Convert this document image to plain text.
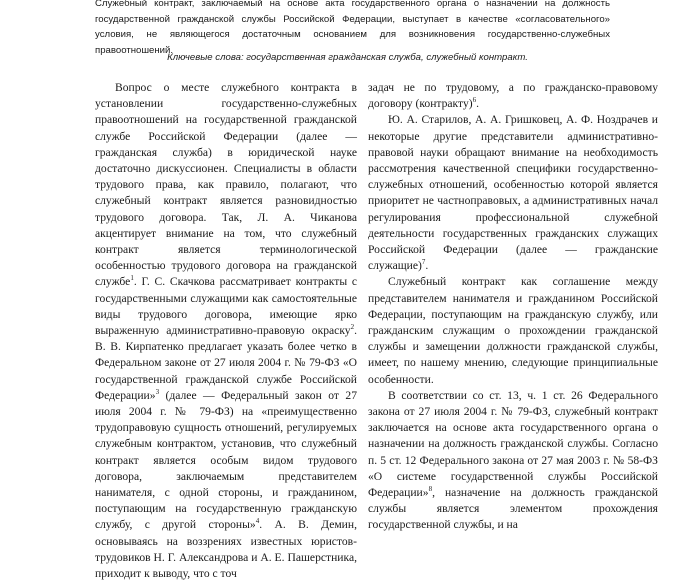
Служебный контракт, заключаемый на основе акта государственного органа о назначении на должность государственной гражданской службы Российской Федерации, выступает в качестве «согласовательного» условия, не являющегося достаточным основанием для возникновения государственно-служебных правоотношений.
Ключевые слова: государственная гражданская служба, служебный контракт.

Вопрос о месте служебного контракта в установлении государственно-служебных правоотношений на государственной гражданской службе Российской Федерации (далее — гражданская служба) в юридической науке достаточно дискуссионен. Специалисты в области трудового права, как правило, полагают, что служебный контракт является разновидностью трудового договора. Так, Л. А. Чиканова акцентирует внимание на том, что служебный контракт является терминологической особенностью трудового договора на гражданской службе$^1$. Г. С. Скачкова рассматривает контракты с государственными служащими как самостоятельные виды трудового договора, имеющие ярко выраженную административно-правовую окраску$^2$. В. В. Кирпатенко предлагает указать более четко в Федеральном законе от 27 июля 2004 г. № 79-ФЗ «О государственной гражданской службе Российской Федерации»$^3$ (далее — Федеральный закон от 27 июля 2004 г. № 79-ФЗ) на «преимущественно трудоправовую сущность отношений, регулируемых служебным контрактом, установив, что служебный контракт является особым видом трудового договора, заключаемым представителем нанимателя, с одной стороны, и гражданином, поступающим на государственную гражданскую службу, с другой стороны»$^4$. А. В. Демин, основываясь на воззрениях известных юристов-трудовиков Н. Г. Александрова и А. Е. Пашерстника, приходит к выводу, что с точ

задач не по трудовому, а по гражданско-правовому договору (контракту)$^6$.

Ю. А. Старилов, А. А. Гришковец, А. Ф. Ноздрачев и некоторые другие представители административно-правовой науки обращают внимание на необходимость рассмотрения качественной специфики государственно-служебных отношений, особенностью которой является приоритет не частноправовых, а административных начал регулирования профессиональной служебной деятельности государственных гражданских служащих Российской Федерации (далее — гражданские служащие)$^7$.

Служебный контракт как соглашение между представителем нанимателя и гражданином Российской Федерации, поступающим на гражданскую службу, или гражданским служащим о прохождении гражданской службы и замещении должности гражданской службы, имеет, по нашему мнению, следующие принципиальные особенности.

В соответствии со ст. 13, ч. 1 ст. 26 Федерального закона от 27 июля 2004 г. № 79-ФЗ, служебный контракт заключается на основе акта государственного органа о назначении на должность гражданской службы. Согласно п. 5 ст. 12 Федерального закона от 27 мая 2003 г. № 58-ФЗ «О системе государственной службы Российской Федерации»$^8$, назначение на должность гражданской службы является элементом прохождения государственной службы, и на
